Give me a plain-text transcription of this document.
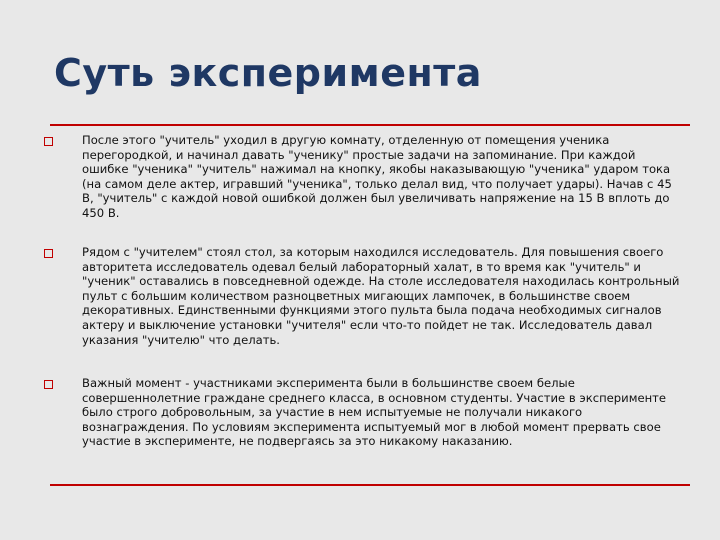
Суть эксперимента

После этого "учитель" уходил в другую комнату, отделенную от помещения ученика перегородкой, и начинал давать "ученику" простые задачи на запоминание. При каждой ошибке "ученика" "учитель" нажимал на кнопку, якобы наказывающую "ученика" ударом тока (на самом деле актер, игравший "ученика", только делал вид, что получает удары). Начав с 45 В, "учитель" с каждой новой ошибкой должен был увеличивать напряжение на 15 В вплоть до 450 В.

Рядом с "учителем" стоял стол, за которым находился исследователь. Для повышения своего авторитета исследователь одевал белый лабораторный халат, в то время как "учитель" и "ученик" оставались в повседневной одежде. На столе исследователя находилась контрольный пульт с большим количеством разноцветных мигающих лампочек, в большинстве своем декоративных. Единственными функциями этого пульта была подача необходимых сигналов актеру и выключение установки "учителя" если что-то пойдет не так. Исследователь давал указания "учителю" что делать.

Важный момент - участниками эксперимента были в большинстве своем белые совершеннолетние граждане среднего класса, в основном студенты. Участие в эксперименте было строго добровольным, за участие в нем испытуемые не получали никакого вознаграждения. По условиям эксперимента испытуемый мог в любой момент прервать свое участие в эксперименте, не подвергаясь за это никакому наказанию.
